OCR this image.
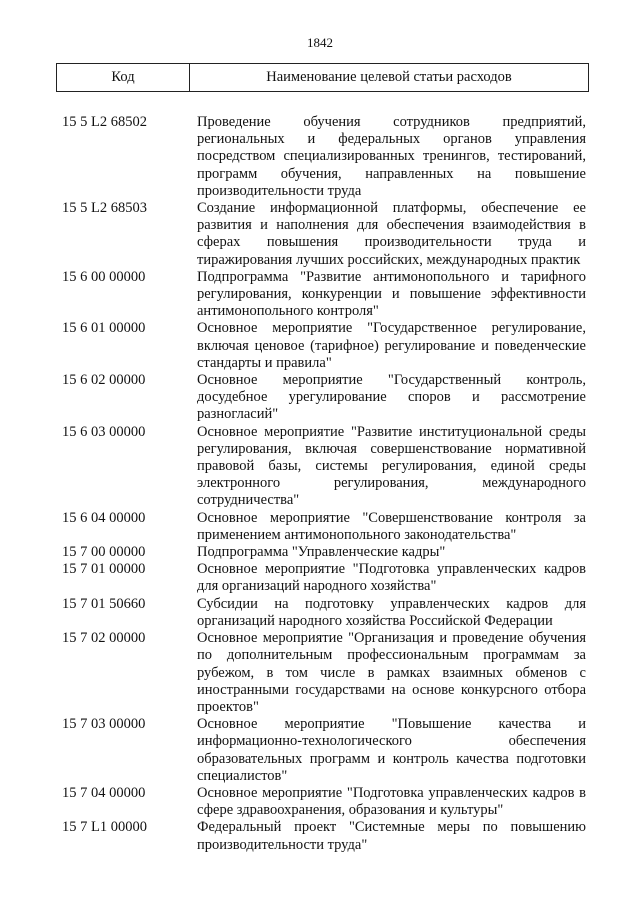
1842
Код	Наименование целевой статьи расходов
15 5 L2 68502	Проведение обучения сотрудников предприятий, региональных и федеральных органов управления посредством специализированных тренингов, тестирований, программ обучения, направленных на повышение производительности труда
15 5 L2 68503	Создание информационной платформы, обеспечение ее развития и наполнения для обеспечения взаимодействия в сферах повышения производительности труда и тиражирования лучших российских, международных практик
15 6 00 00000	Подпрограмма "Развитие антимонопольного и тарифного регулирования, конкуренции и повышение эффективности антимонопольного контроля"
15 6 01 00000	Основное мероприятие "Государственное регулирование, включая ценовое (тарифное) регулирование и поведенческие стандарты и правила"
15 6 02 00000	Основное мероприятие "Государственный контроль, досудебное урегулирование споров и рассмотрение разногласий"
15 6 03 00000	Основное мероприятие "Развитие институциональной среды регулирования, включая совершенствование нормативной правовой базы, системы регулирования, единой среды электронного регулирования, международного сотрудничества"
15 6 04 00000	Основное мероприятие "Совершенствование контроля за применением антимонопольного законодательства"
15 7 00 00000	Подпрограмма "Управленческие кадры"
15 7 01 00000	Основное мероприятие "Подготовка управленческих кадров для организаций народного хозяйства"
15 7 01 50660	Субсидии на подготовку управленческих кадров для организаций народного хозяйства Российской Федерации
15 7 02 00000	Основное мероприятие "Организация и проведение обучения по дополнительным профессиональным программам за рубежом, в том числе в рамках взаимных обменов с иностранными государствами на основе конкурсного отбора проектов"
15 7 03 00000	Основное мероприятие "Повышение качества и информационно-технологического обеспечения образовательных программ и контроль качества подготовки специалистов"
15 7 04 00000	Основное мероприятие "Подготовка управленческих кадров в сфере здравоохранения, образования и культуры"
15 7 L1 00000	Федеральный проект "Системные меры по повышению производительности труда"
